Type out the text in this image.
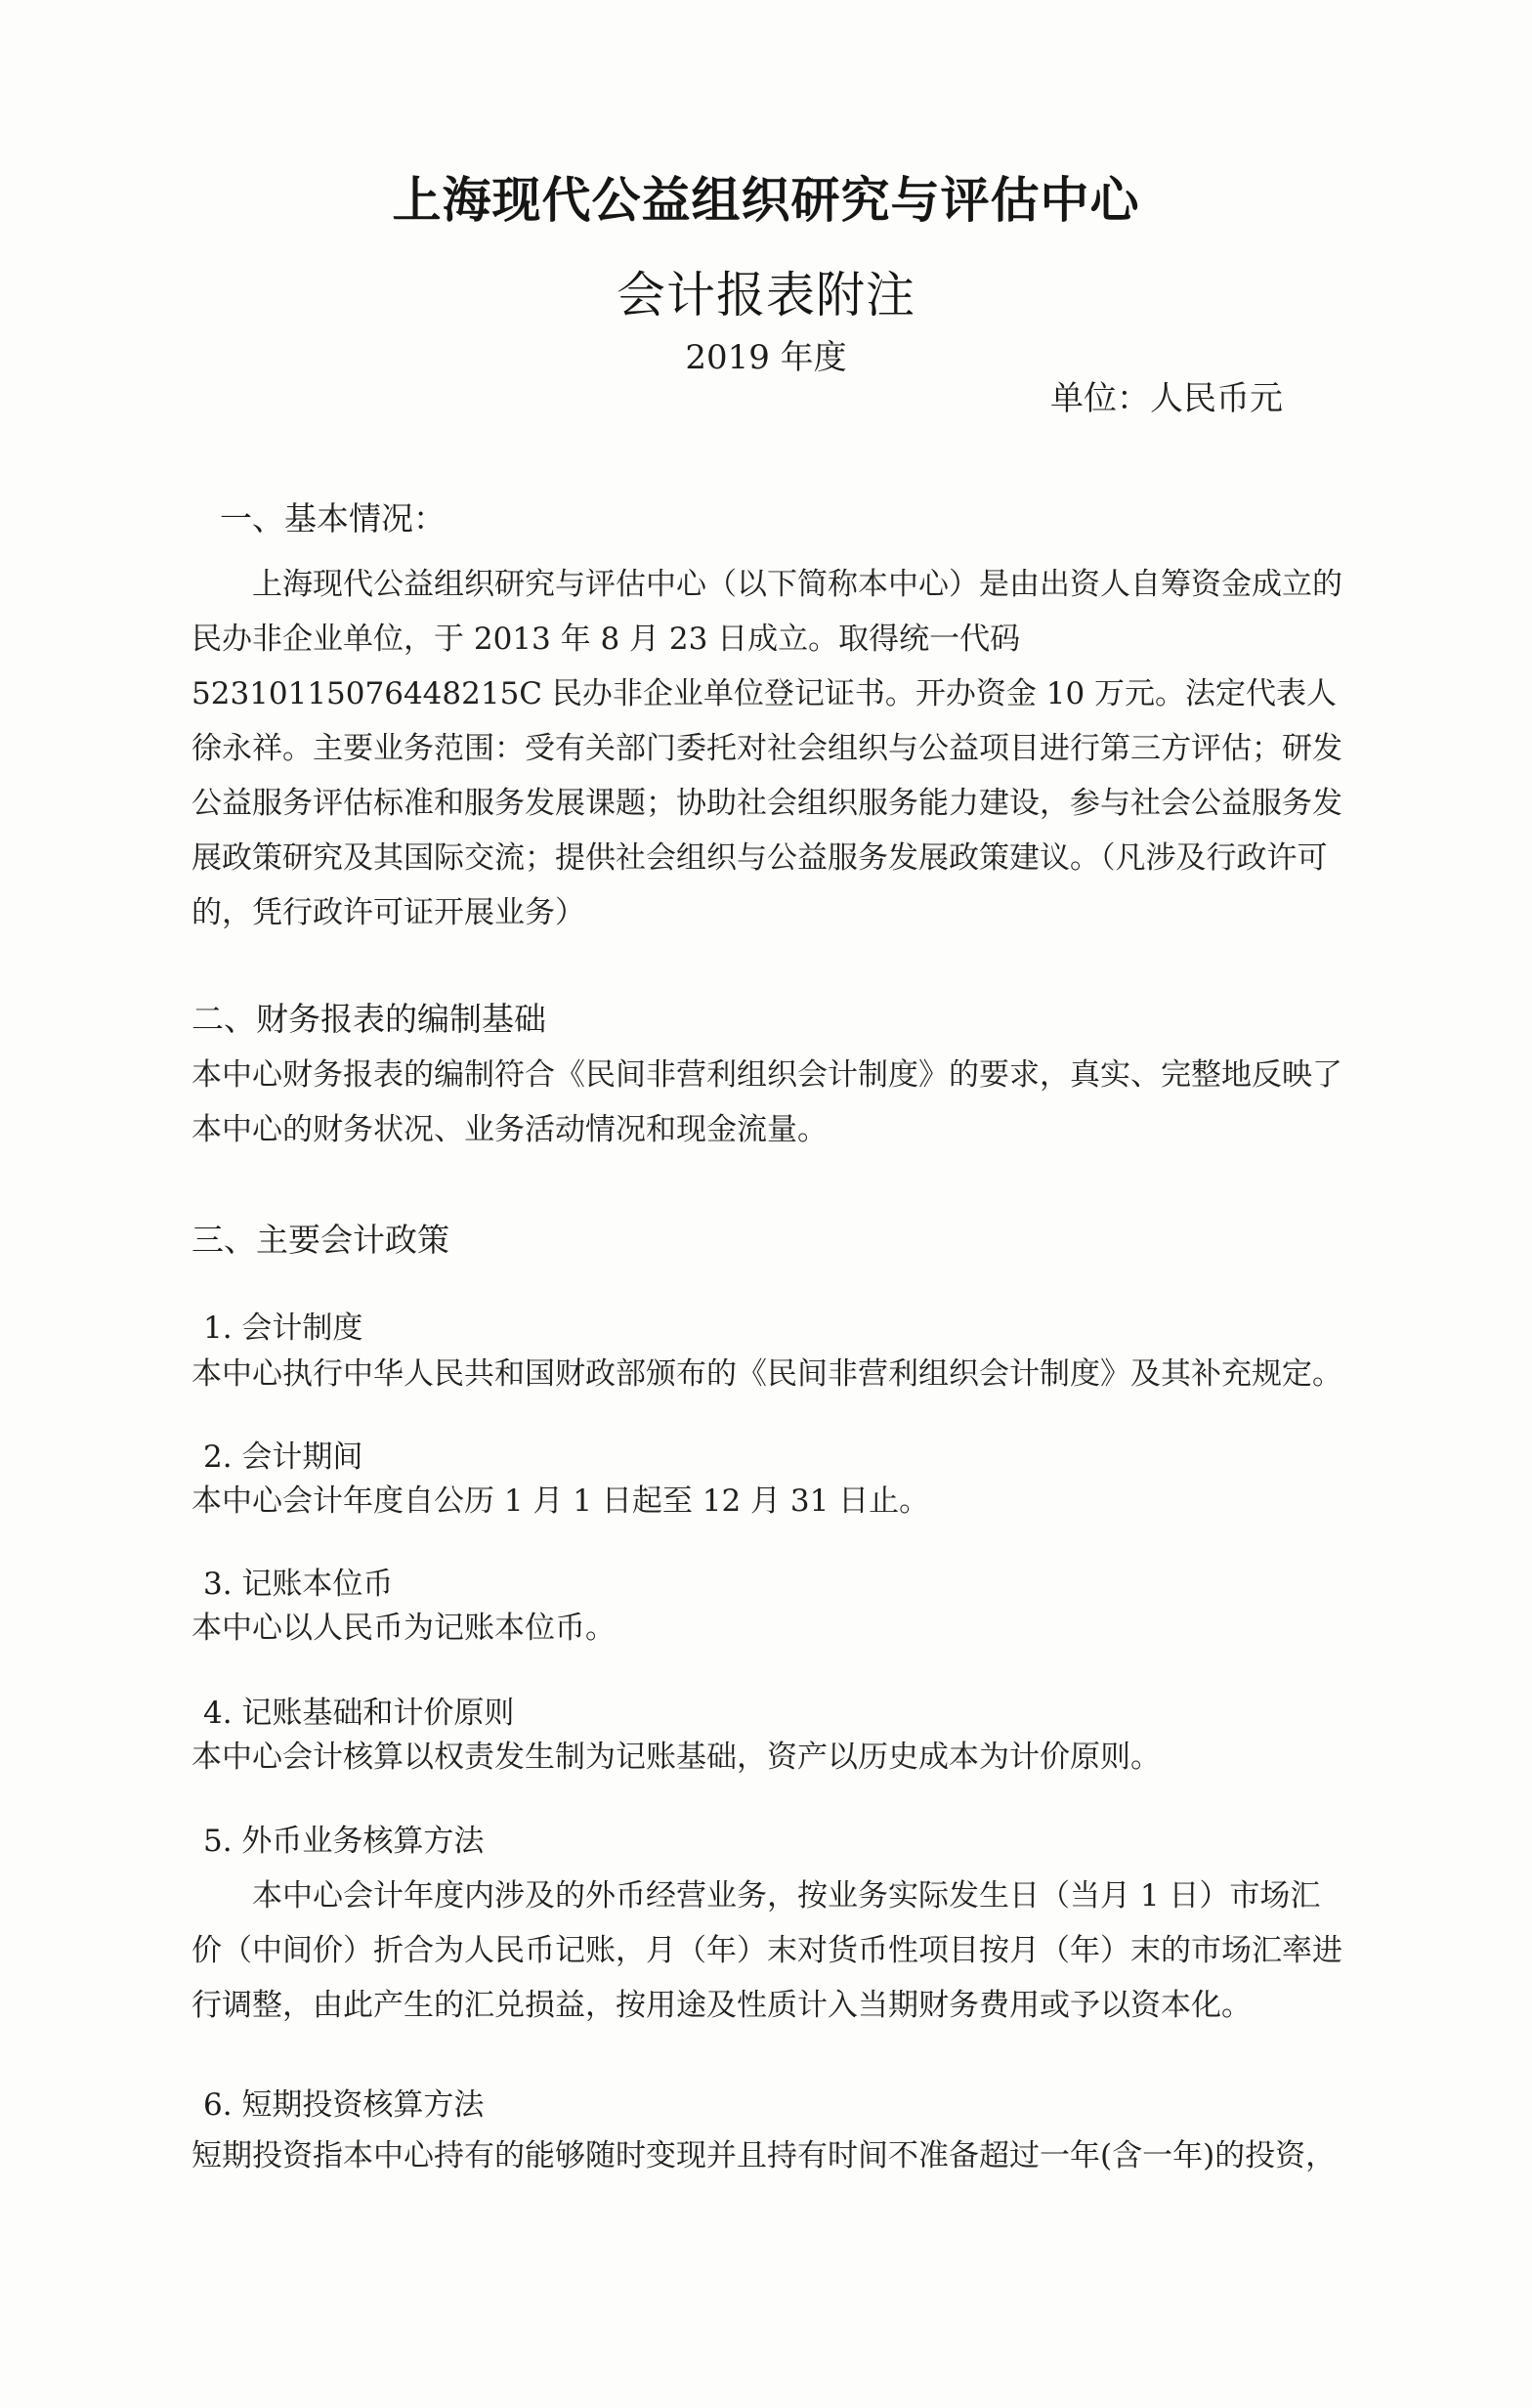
上海现代公益组织研究与评估中心
会计报表附注
2019 年度
单位：人民币元
一、基本情况：

上海现代公益组织研究与评估中心（以下简称本中心）是由出资人自筹资金成立的民办非企业单位，于 2013 年 8 月 23 日成立。取得统一代码 52310115076448215C 民办非企业单位登记证书。开办资金 10 万元。法定代表人徐永祥。主要业务范围：受有关部门委托对社会组织与公益项目进行第三方评估；研发公益服务评估标准和服务发展课题；协助社会组织服务能力建设，参与社会公益服务发展政策研究及其国际交流；提供社会组织与公益服务发展政策建议。（凡涉及行政许可的，凭行政许可证开展业务）

二、财务报表的编制基础

本中心财务报表的编制符合《民间非营利组织会计制度》的要求，真实、完整地反映了本中心的财务状况、业务活动情况和现金流量。

三、主要会计政策
1. 会计制度

本中心执行中华人民共和国财政部颁布的《民间非营利组织会计制度》及其补充规定。

2. 会计期间

本中心会计年度自公历 1 月 1 日起至 12 月 31 日止。

3. 记账本位币

本中心以人民币为记账本位币。

4. 记账基础和计价原则

本中心会计核算以权责发生制为记账基础，资产以历史成本为计价原则。

5. 外币业务核算方法

本中心会计年度内涉及的外币经营业务，按业务实际发生日（当月 1 日）市场汇价（中间价）折合为人民币记账，月（年）末对货币性项目按月（年）末的市场汇率进行调整，由此产生的汇兑损益，按用途及性质计入当期财务费用或予以资本化。

6. 短期投资核算方法

短期投资指本中心持有的能够随时变现并且持有时间不准备超过一年(含一年)的投资，
